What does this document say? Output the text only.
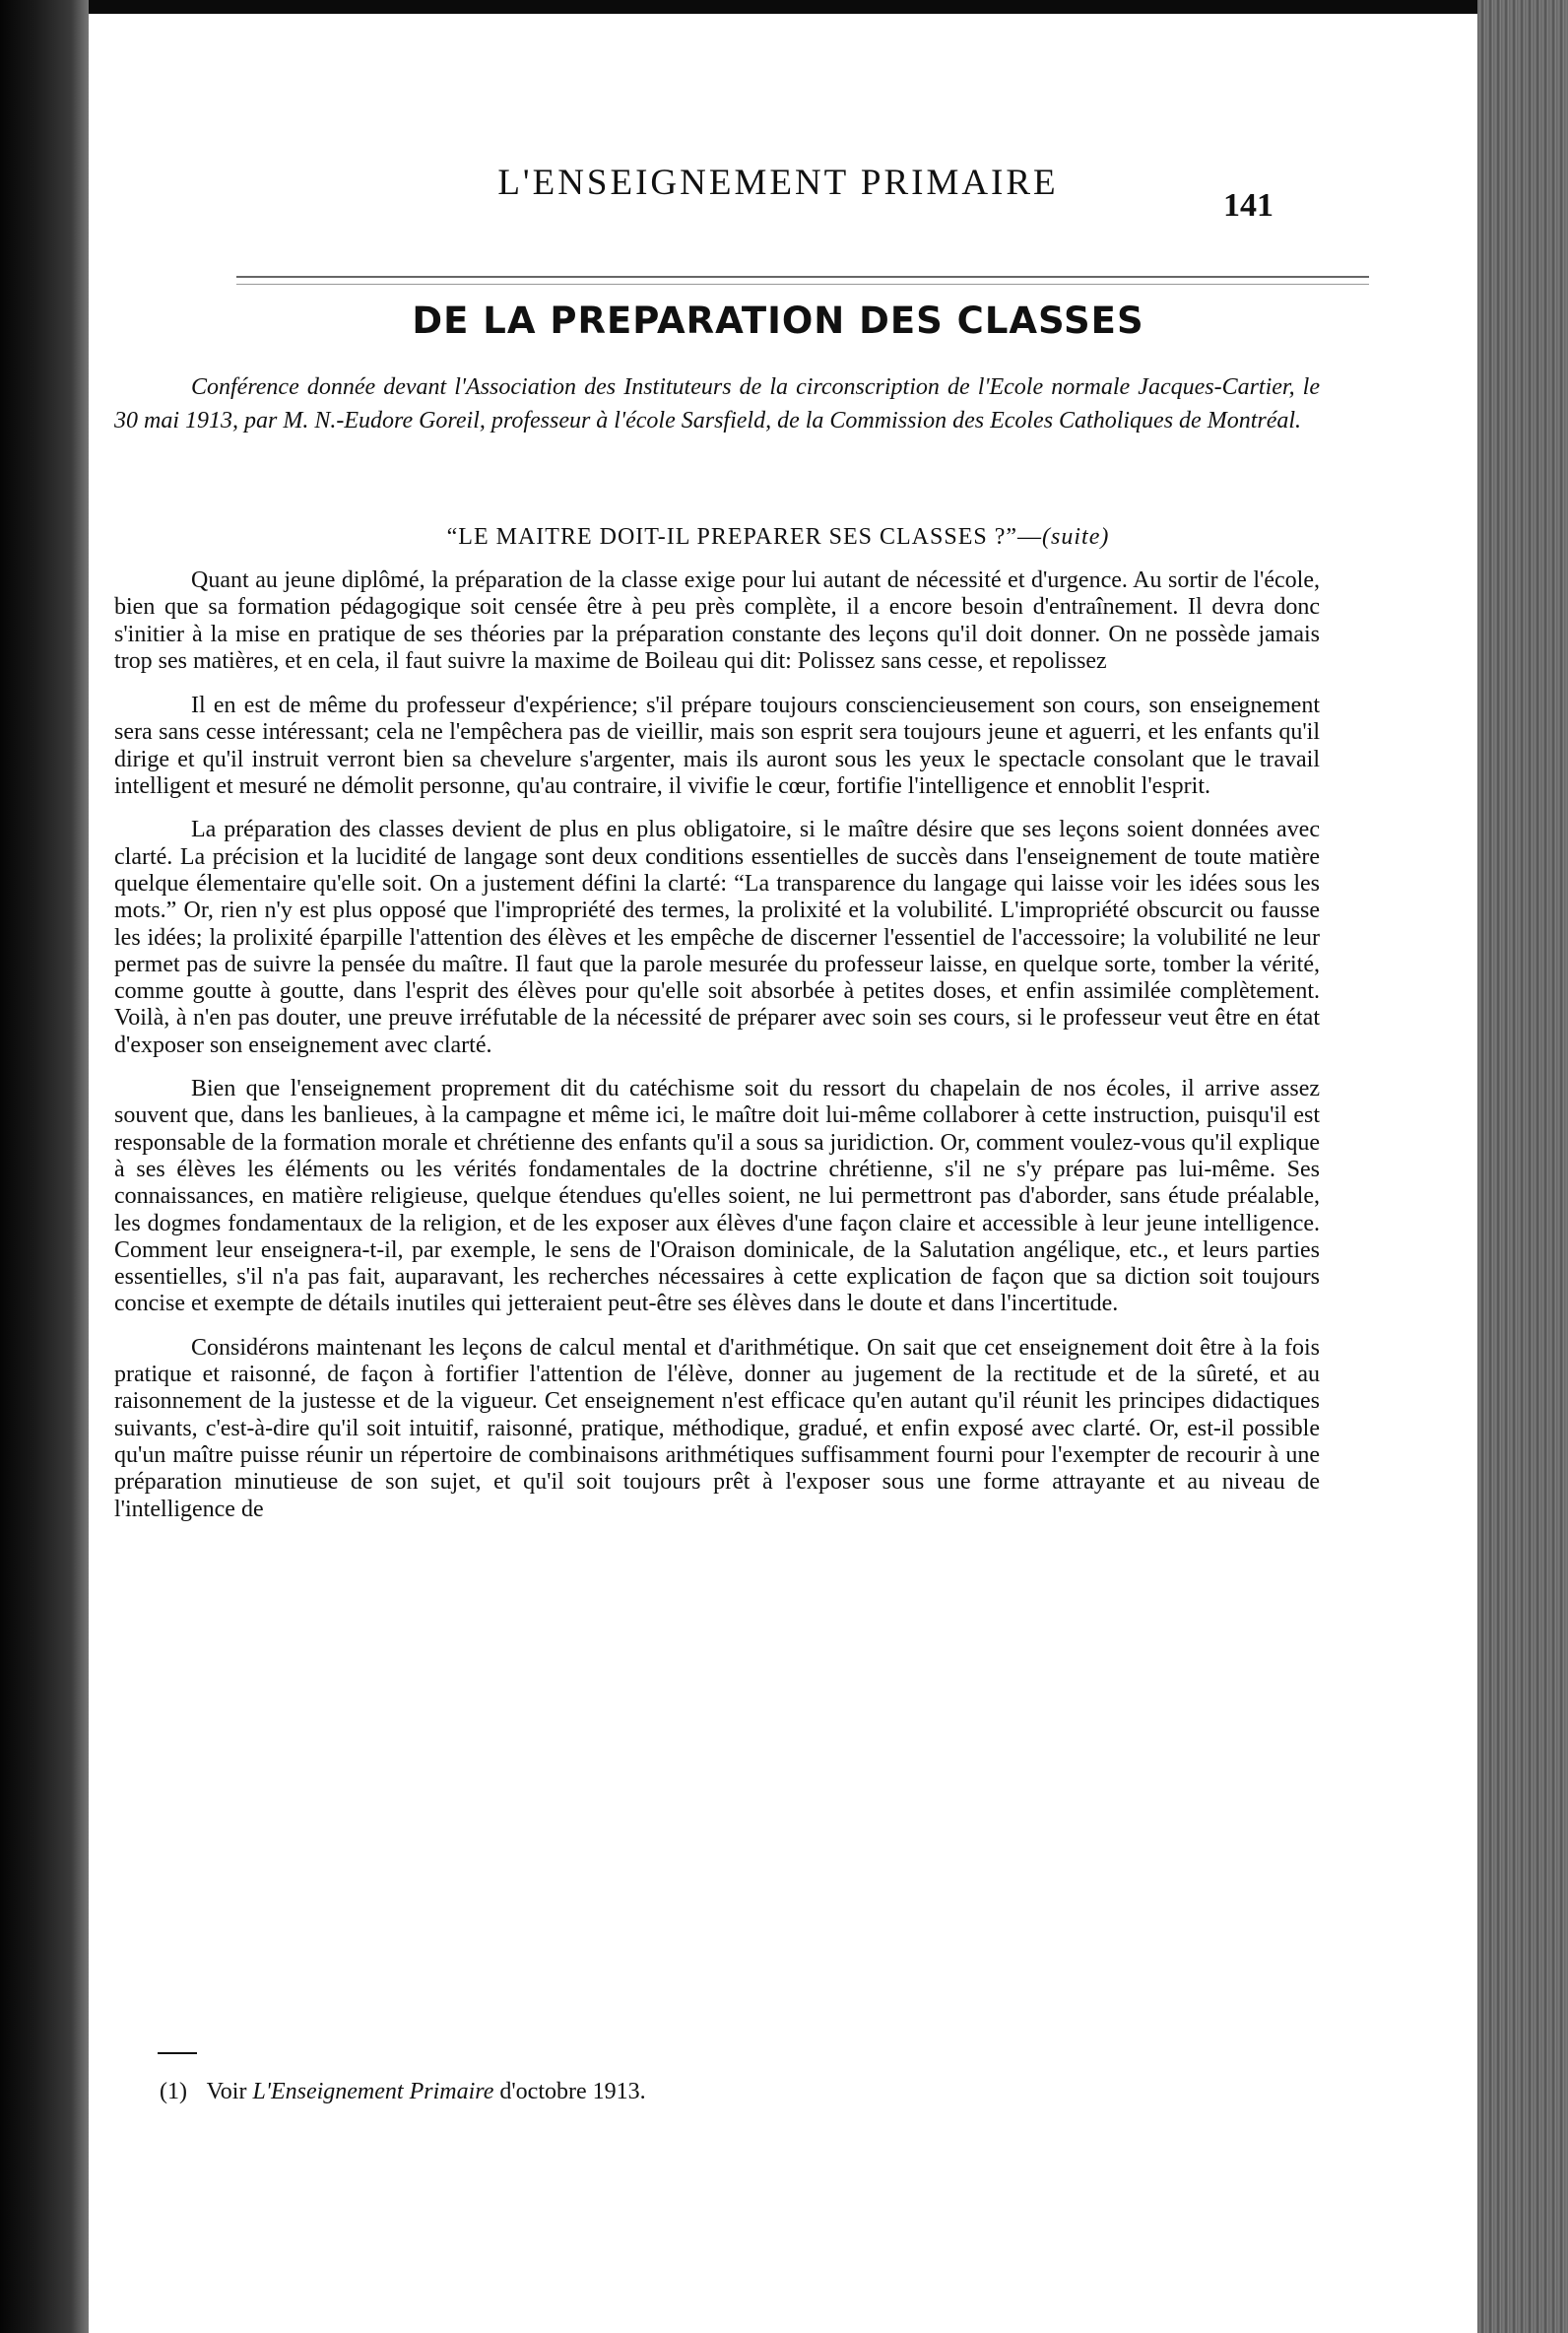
L'ENSEIGNEMENT PRIMAIRE
141
DE LA PREPARATION DES CLASSES
Conférence donnée devant l'Association des Instituteurs de la circonscription de l'Ecole normale Jacques-Cartier, le 30 mai 1913, par M. N.-Eudore Goreil, professeur à l'école Sarsfield, de la Commission des Ecoles Catholiques de Montréal.
“LE MAITRE DOIT-IL PREPARER SES CLASSES ?”—(suite)

Quant au jeune diplômé, la préparation de la classe exige pour lui autant de nécessité et d'urgence. Au sortir de l'école, bien que sa formation pédagogique soit censée être à peu près complète, il a encore besoin d'entraînement. Il devra donc s'initier à la mise en pratique de ses théories par la préparation constante des leçons qu'il doit donner. On ne possède jamais trop ses matières, et en cela, il faut suivre la maxime de Boileau qui dit: Polissez sans cesse, et repolissez

Il en est de même du professeur d'expérience; s'il prépare toujours consciencieusement son cours, son enseignement sera sans cesse intéressant; cela ne l'empêchera pas de vieillir, mais son esprit sera toujours jeune et aguerri, et les enfants qu'il dirige et qu'il instruit verront bien sa chevelure s'argenter, mais ils auront sous les yeux le spectacle consolant que le travail intelligent et mesuré ne démolit personne, qu'au contraire, il vivifie le cœur, fortifie l'intelligence et ennoblit l'esprit.

La préparation des classes devient de plus en plus obligatoire, si le maître désire que ses leçons soient données avec clarté. La précision et la lucidité de langage sont deux conditions essentielles de succès dans l'enseignement de toute matière quelque élementaire qu'elle soit. On a justement défini la clarté: “La transparence du langage qui laisse voir les idées sous les mots.” Or, rien n'y est plus opposé que l'impropriété des termes, la prolixité et la volubilité. L'impropriété obscurcit ou fausse les idées; la prolixité éparpille l'attention des élèves et les empêche de discerner l'essentiel de l'accessoire; la volubilité ne leur permet pas de suivre la pensée du maître. Il faut que la parole mesurée du professeur laisse, en quelque sorte, tomber la vérité, comme goutte à goutte, dans l'esprit des élèves pour qu'elle soit absorbée à petites doses, et enfin assimilée complètement. Voilà, à n'en pas douter, une preuve irréfutable de la nécessité de préparer avec soin ses cours, si le professeur veut être en état d'exposer son enseignement avec clarté.

Bien que l'enseignement proprement dit du catéchisme soit du ressort du chapelain de nos écoles, il arrive assez souvent que, dans les banlieues, à la campagne et même ici, le maître doit lui-même collaborer à cette instruction, puisqu'il est responsable de la formation morale et chrétienne des enfants qu'il a sous sa juridiction. Or, comment voulez-vous qu'il explique à ses élèves les éléments ou les vérités fondamentales de la doctrine chrétienne, s'il ne s'y prépare pas lui-même. Ses connaissances, en matière religieuse, quelque étendues qu'elles soient, ne lui permettront pas d'aborder, sans étude préalable, les dogmes fondamentaux de la religion, et de les exposer aux élèves d'une façon claire et accessible à leur jeune intelligence. Comment leur enseignera-t-il, par exemple, le sens de l'Oraison dominicale, de la Salutation angélique, etc., et leurs parties essentielles, s'il n'a pas fait, auparavant, les recherches nécessaires à cette explication de façon que sa diction soit toujours concise et exempte de détails inutiles qui jetteraient peut-être ses élèves dans le doute et dans l'incertitude.

Considérons maintenant les leçons de calcul mental et d'arithmétique. On sait que cet enseignement doit être à la fois pratique et raisonné, de façon à fortifier l'attention de l'élève, donner au jugement de la rectitude et de la sûreté, et au raisonnement de la justesse et de la vigueur. Cet enseignement n'est efficace qu'en autant qu'il réunit les principes didactiques suivants, c'est-à-dire qu'il soit intuitif, raisonné, pratique, méthodique, gradué, et enfin exposé avec clarté. Or, est-il possible qu'un maître puisse réunir un répertoire de combinaisons arithmétiques suffisamment fourni pour l'exempter de recourir à une préparation minutieuse de son sujet, et qu'il soit toujours prêt à l'exposer sous une forme attrayante et au niveau de l'intelligence de

(1) Voir L'Enseignement Primaire d'octobre 1913.
